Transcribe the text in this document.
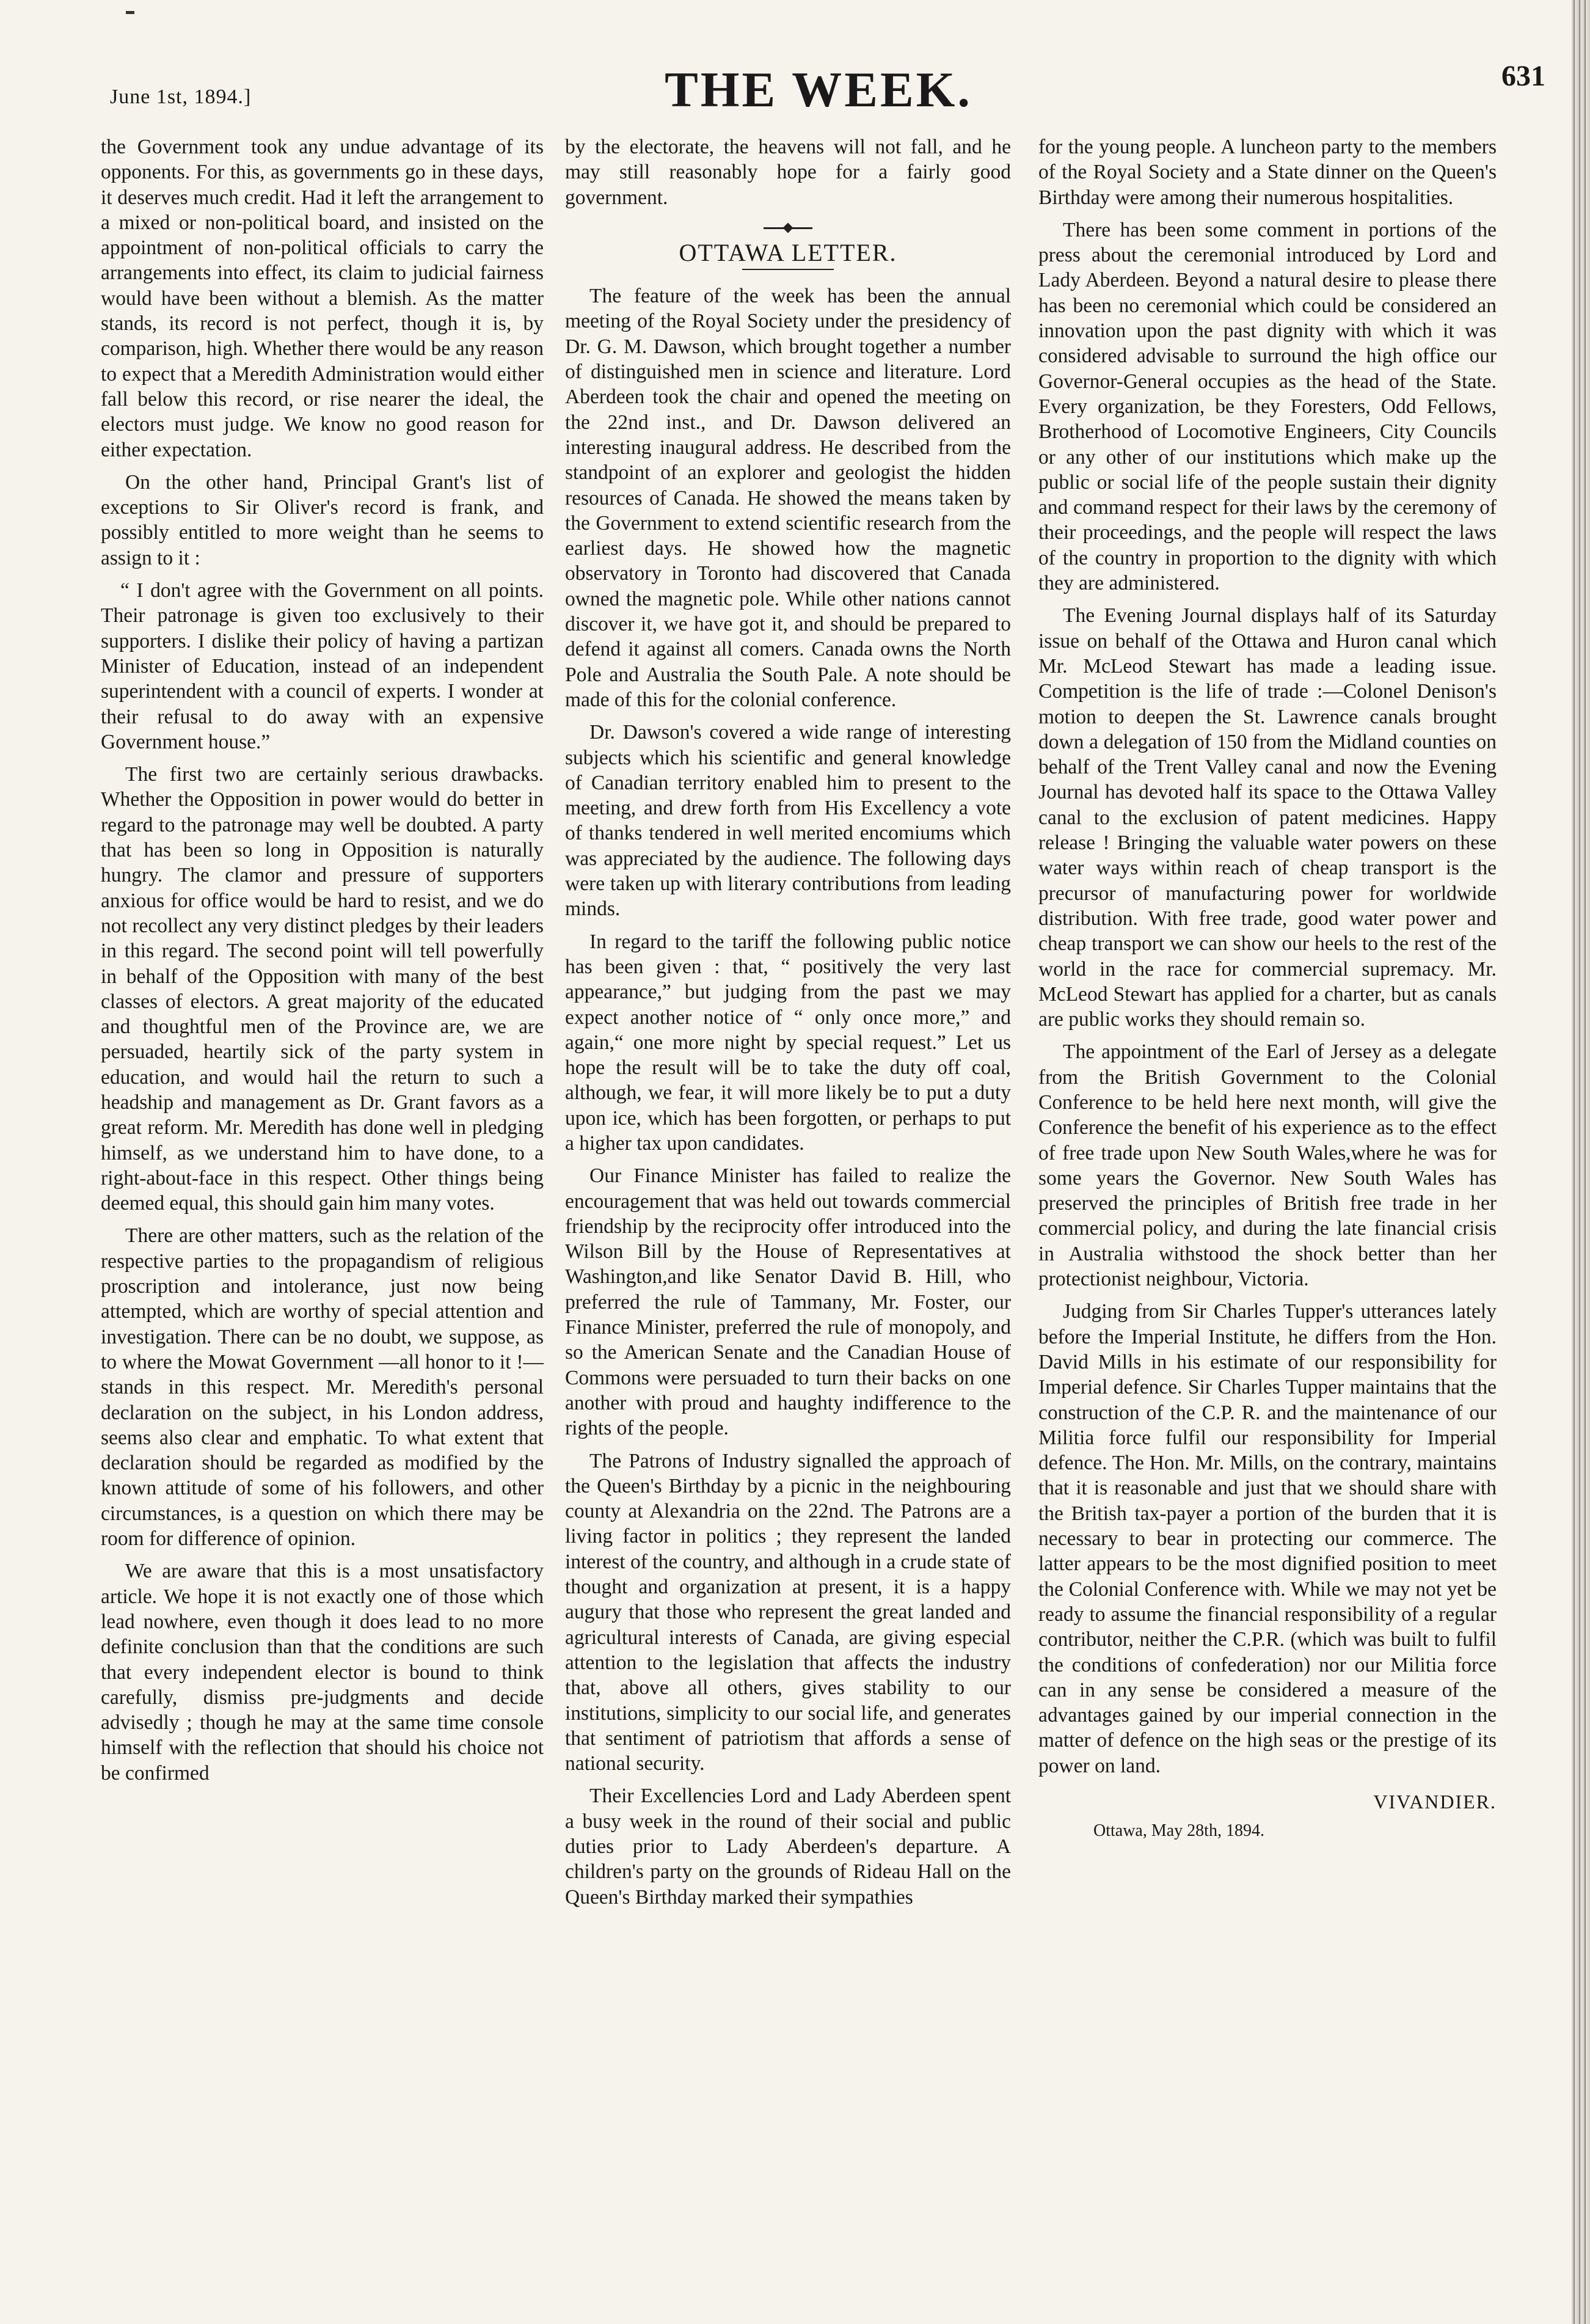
June 1st, 1894.]	THE WEEK.	631

the Government took any undue advantage of its opponents. For this, as governments go in these days, it deserves much credit. Had it left the arrangement to a mixed or non-political board, and insisted on the appointment of non-political officials to carry the arrangements into effect, its claim to judicial fairness would have been without a blemish. As the matter stands, its record is not perfect, though it is, by comparison, high. Whether there would be any reason to expect that a Meredith Administration would either fall below this record, or rise nearer the ideal, the electors must judge. We know no good reason for either expectation.

On the other hand, Principal Grant's list of exceptions to Sir Oliver's record is frank, and possibly entitled to more weight than he seems to assign to it :

“ I don't agree with the Government on all points. Their patronage is given too exclusively to their supporters. I dislike their policy of having a partizan Minister of Education, instead of an independent superintendent with a council of experts. I wonder at their refusal to do away with an expensive Government house.”

The first two are certainly serious drawbacks. Whether the Opposition in power would do better in regard to the patronage may well be doubted. A party that has been so long in Opposition is naturally hungry. The clamor and pressure of supporters anxious for office would be hard to resist, and we do not recollect any very distinct pledges by their leaders in this regard. The second point will tell powerfully in behalf of the Opposition with many of the best classes of electors. A great majority of the educated and thoughtful men of the Province are, we are persuaded, heartily sick of the party system in education, and would hail the return to such a headship and management as Dr. Grant favors as a great reform. Mr. Meredith has done well in pledging himself, as we understand him to have done, to a right-about-face in this respect. Other things being deemed equal, this should gain him many votes.

There are other matters, such as the relation of the respective parties to the propagandism of religious proscription and intolerance, just now being attempted, which are worthy of special attention and investigation. There can be no doubt, we suppose, as to where the Mowat Government —all honor to it !—stands in this respect. Mr. Meredith's personal declaration on the subject, in his London address, seems also clear and emphatic. To what extent that declaration should be regarded as modified by the known attitude of some of his followers, and other circumstances, is a question on which there may be room for difference of opinion.

We are aware that this is a most unsatisfactory article. We hope it is not exactly one of those which lead nowhere, even though it does lead to no more definite conclusion than that the conditions are such that every independent elector is bound to think carefully, dismiss pre-judgments and decide advisedly ; though he may at the same time console himself with the reflection that should his choice not be confirmed

by the electorate, the heavens will not fall, and he may still reasonably hope for a fairly good government.

OTTAWA LETTER.

The feature of the week has been the annual meeting of the Royal Society under the presidency of Dr. G. M. Dawson, which brought together a number of distinguished men in science and literature. Lord Aberdeen took the chair and opened the meeting on the 22nd inst., and Dr. Dawson delivered an interesting inaugural address. He described from the standpoint of an explorer and geologist the hidden resources of Canada. He showed the means taken by the Government to extend scientific research from the earliest days. He showed how the magnetic observatory in Toronto had discovered that Canada owned the magnetic pole. While other nations cannot discover it, we have got it, and should be prepared to defend it against all comers. Canada owns the North Pole and Australia the South Pale. A note should be made of this for the colonial conference.

Dr. Dawson's covered a wide range of interesting subjects which his scientific and general knowledge of Canadian territory enabled him to present to the meeting, and drew forth from His Excellency a vote of thanks tendered in well merited encomiums which was appreciated by the audience. The following days were taken up with literary contributions from leading minds.

In regard to the tariff the following public notice has been given : that, “ positively the very last appearance,” but judging from the past we may expect another notice of “ only once more,” and again,“ one more night by special request.” Let us hope the result will be to take the duty off coal, although, we fear, it will more likely be to put a duty upon ice, which has been forgotten, or perhaps to put a higher tax upon candidates.

Our Finance Minister has failed to realize the encouragement that was held out towards commercial friendship by the reciprocity offer introduced into the Wilson Bill by the House of Representatives at Washington,and like Senator David B. Hill, who preferred the rule of Tammany, Mr. Foster, our Finance Minister, preferred the rule of monopoly, and so the American Senate and the Canadian House of Commons were persuaded to turn their backs on one another with proud and haughty indifference to the rights of the people.

The Patrons of Industry signalled the approach of the Queen's Birthday by a picnic in the neighbouring county at Alexandria on the 22nd. The Patrons are a living factor in politics ; they represent the landed interest of the country, and although in a crude state of thought and organization at present, it is a happy augury that those who represent the great landed and agricultural interests of Canada, are giving especial attention to the legislation that affects the industry that, above all others, gives stability to our institutions, simplicity to our social life, and generates that sentiment of patriotism that affords a sense of national security.

Their Excellencies Lord and Lady Aberdeen spent a busy week in the round of their social and public duties prior to Lady Aberdeen's departure. A children's party on the grounds of Rideau Hall on the Queen's Birthday marked their sympathies

for the young people. A luncheon party to the members of the Royal Society and a State dinner on the Queen's Birthday were among their numerous hospitalities.

There has been some comment in portions of the press about the ceremonial introduced by Lord and Lady Aberdeen. Beyond a natural desire to please there has been no ceremonial which could be considered an innovation upon the past dignity with which it was considered advisable to surround the high office our Governor-General occupies as the head of the State. Every organization, be they Foresters, Odd Fellows, Brotherhood of Locomotive Engineers, City Councils or any other of our institutions which make up the public or social life of the people sustain their dignity and command respect for their laws by the ceremony of their proceedings, and the people will respect the laws of the country in proportion to the dignity with which they are administered.

The Evening Journal displays half of its Saturday issue on behalf of the Ottawa and Huron canal which Mr. McLeod Stewart has made a leading issue. Competition is the life of trade :—Colonel Denison's motion to deepen the St. Lawrence canals brought down a delegation of 150 from the Midland counties on behalf of the Trent Valley canal and now the Evening Journal has devoted half its space to the Ottawa Valley canal to the exclusion of patent medicines. Happy release ! Bringing the valuable water powers on these water ways within reach of cheap transport is the precursor of manufacturing power for worldwide distribution. With free trade, good water power and cheap transport we can show our heels to the rest of the world in the race for commercial supremacy. Mr. McLeod Stewart has applied for a charter, but as canals are public works they should remain so.

The appointment of the Earl of Jersey as a delegate from the British Government to the Colonial Conference to be held here next month, will give the Conference the benefit of his experience as to the effect of free trade upon New South Wales,where he was for some years the Governor. New South Wales has preserved the principles of British free trade in her commercial policy, and during the late financial crisis in Australia withstood the shock better than her protectionist neighbour, Victoria.

Judging from Sir Charles Tupper's utterances lately before the Imperial Institute, he differs from the Hon. David Mills in his estimate of our responsibility for Imperial defence. Sir Charles Tupper maintains that the construction of the C.P. R. and the maintenance of our Militia force fulfil our responsibility for Imperial defence. The Hon. Mr. Mills, on the contrary, maintains that it is reasonable and just that we should share with the British tax-payer a portion of the burden that it is necessary to bear in protecting our commerce. The latter appears to be the most dignified position to meet the Colonial Conference with. While we may not yet be ready to assume the financial responsibility of a regular contributor, neither the C.P.R. (which was built to fulfil the conditions of confederation) nor our Militia force can in any sense be considered a measure of the advantages gained by our imperial connection in the matter of defence on the high seas or the prestige of its power on land.

VIVANDIER.
Ottawa, May 28th, 1894.
